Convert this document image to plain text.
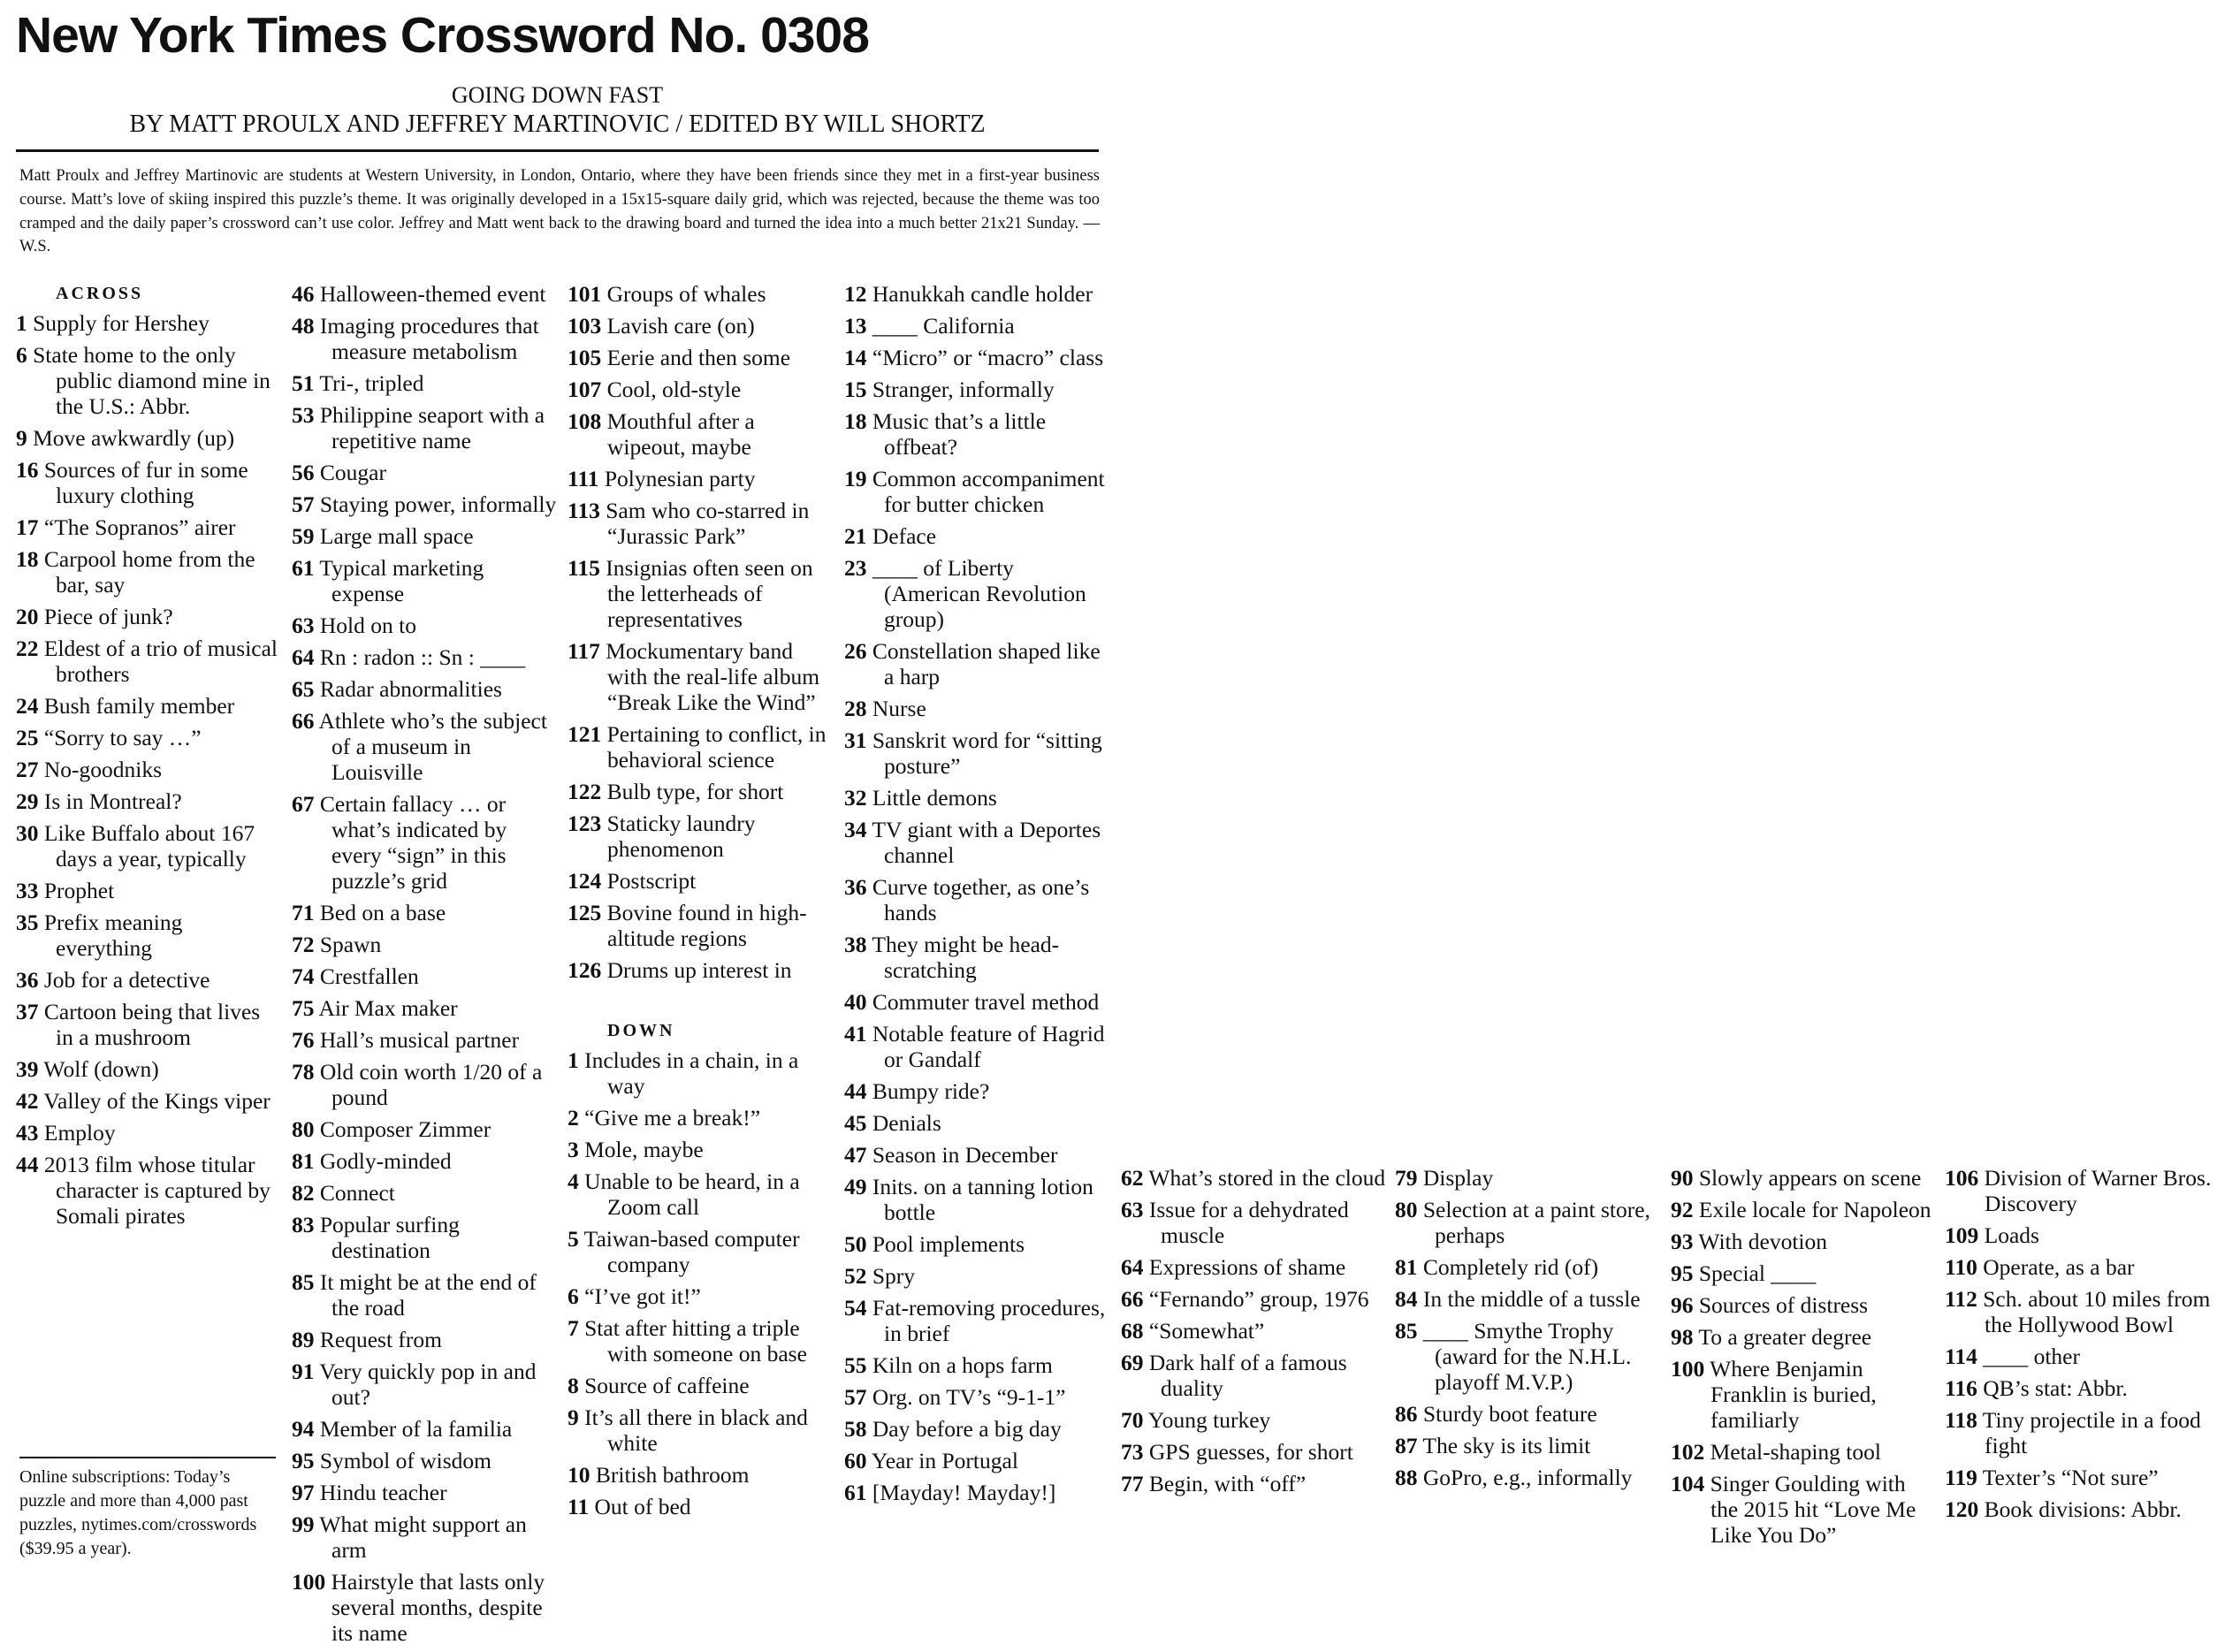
New York Times Crossword No. 0308
GOING DOWN FAST
BY MATT PROULX AND JEFFREY MARTINOVIC / EDITED BY WILL SHORTZ
Matt Proulx and Jeffrey Martinovic are students at Western University, in London, Ontario, where they have been friends since they met in a first-year business course. Matt’s love of skiing inspired this puzzle’s theme. It was originally developed in a 15x15-square daily grid, which was rejected, because the theme was too cramped and the daily paper’s crossword can’t use color. Jeffrey and Matt went back to the drawing board and turned the idea into a much better 21x21 Sunday. — W.S.
ACROSS
1 Supply for Hershey
6 State home to the only public diamond mine in the U.S.: Abbr.
9 Move awkwardly (up)
16 Sources of fur in some luxury clothing
17 “The Sopranos” airer
18 Carpool home from the bar, say
20 Piece of junk?
22 Eldest of a trio of musical brothers
24 Bush family member
25 “Sorry to say …”
27 No-goodniks
29 Is in Montreal?
30 Like Buffalo about 167 days a year, typically
33 Prophet
35 Prefix meaning everything
36 Job for a detective
37 Cartoon being that lives in a mushroom
39 Wolf (down)
42 Valley of the Kings viper
43 Employ
44 2013 film whose titular character is captured by Somali pirates
46 Halloween-themed event
48 Imaging procedures that measure metabolism
51 Tri-, tripled
53 Philippine seaport with a repetitive name
56 Cougar
57 Staying power, informally
59 Large mall space
61 Typical marketing expense
63 Hold on to
64 Rn : radon :: Sn : ____
65 Radar abnormalities
66 Athlete who’s the subject of a museum in Louisville
67 Certain fallacy … or what’s indicated by every “sign” in this puzzle’s grid
71 Bed on a base
72 Spawn
74 Crestfallen
75 Air Max maker
76 Hall’s musical partner
78 Old coin worth 1/20 of a pound
80 Composer Zimmer
81 Godly-minded
82 Connect
83 Popular surfing destination
85 It might be at the end of the road
89 Request from
91 Very quickly pop in and out?
94 Member of la familia
95 Symbol of wisdom
97 Hindu teacher
99 What might support an arm
100 Hairstyle that lasts only several months, despite its name
101 Groups of whales
103 Lavish care (on)
105 Eerie and then some
107 Cool, old-style
108 Mouthful after a wipeout, maybe
111 Polynesian party
113 Sam who co-starred in “Jurassic Park”
115 Insignias often seen on the letterheads of representatives
117 Mockumentary band with the real-life album “Break Like the Wind”
121 Pertaining to conflict, in behavioral science
122 Bulb type, for short
123 Staticky laundry phenomenon
124 Postscript
125 Bovine found in high-altitude regions
126 Drums up interest in
DOWN
1 Includes in a chain, in a way
2 “Give me a break!”
3 Mole, maybe
4 Unable to be heard, in a Zoom call
5 Taiwan-based computer company
6 “I’ve got it!”
7 Stat after hitting a triple with someone on base
8 Source of caffeine
9 It’s all there in black and white
10 British bathroom
11 Out of bed
12 Hanukkah candle holder
13 ____ California
14 “Micro” or “macro” class
15 Stranger, informally
18 Music that’s a little offbeat?
19 Common accompaniment for butter chicken
21 Deface
23 ____ of Liberty (American Revolution group)
26 Constellation shaped like a harp
28 Nurse
31 Sanskrit word for “sitting posture”
32 Little demons
34 TV giant with a Deportes channel
36 Curve together, as one’s hands
38 They might be head-scratching
40 Commuter travel method
41 Notable feature of Hagrid or Gandalf
44 Bumpy ride?
45 Denials
47 Season in December
49 Inits. on a tanning lotion bottle
50 Pool implements
52 Spry
54 Fat-removing procedures, in brief
55 Kiln on a hops farm
57 Org. on TV’s “9-1-1”
58 Day before a big day
60 Year in Portugal
61 [Mayday! Mayday!]
62 What’s stored in the cloud
63 Issue for a dehydrated muscle
64 Expressions of shame
66 “Fernando” group, 1976
68 “Somewhat”
69 Dark half of a famous duality
70 Young turkey
73 GPS guesses, for short
77 Begin, with “off”
79 Display
80 Selection at a paint store, perhaps
81 Completely rid (of)
84 In the middle of a tussle
85 ____ Smythe Trophy (award for the N.H.L. playoff M.V.P.)
86 Sturdy boot feature
87 The sky is its limit
88 GoPro, e.g., informally
90 Slowly appears on scene
92 Exile locale for Napoleon
93 With devotion
95 Special ____
96 Sources of distress
98 To a greater degree
100 Where Benjamin Franklin is buried, familiarly
102 Metal-shaping tool
104 Singer Goulding with the 2015 hit “Love Me Like You Do”
106 Division of Warner Bros. Discovery
109 Loads
110 Operate, as a bar
112 Sch. about 10 miles from the Hollywood Bowl
114 ____ other
116 QB’s stat: Abbr.
118 Tiny projectile in a food fight
119 Texter’s “Not sure”
120 Book divisions: Abbr.
Online subscriptions: Today’s puzzle and more than 4,000 past puzzles, nytimes.com/crosswords ($39.95 a year).
